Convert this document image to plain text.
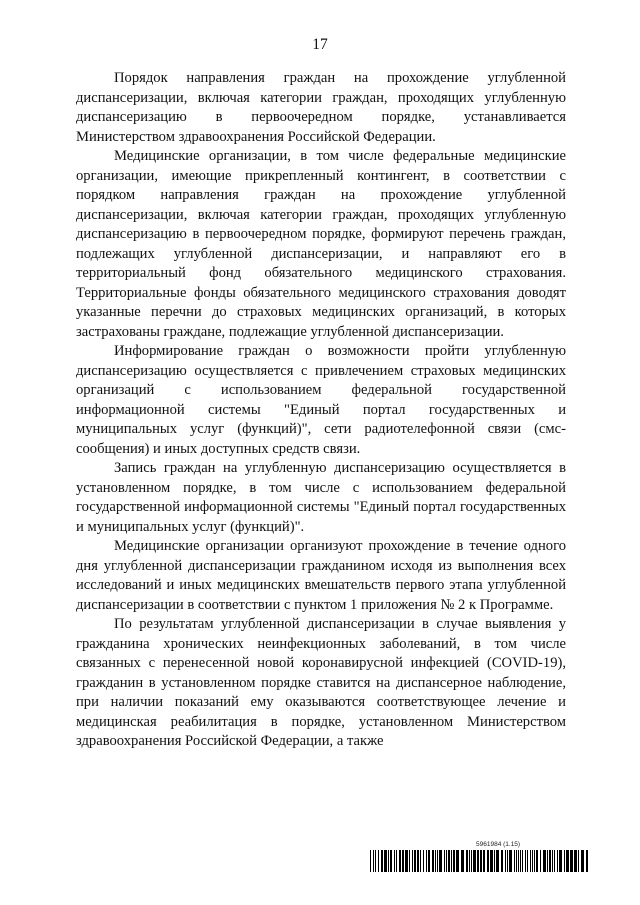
17

Порядок направления граждан на прохождение углубленной диспансеризации, включая категории граждан, проходящих углубленную диспансеризацию в первоочередном порядке, устанавливается Министерством здравоохранения Российской Федерации.

Медицинские организации, в том числе федеральные медицинские организации, имеющие прикрепленный контингент, в соответствии с порядком направления граждан на прохождение углубленной диспансеризации, включая категории граждан, проходящих углубленную диспансеризацию в первоочередном порядке, формируют перечень граждан, подлежащих углубленной диспансеризации, и направляют его в территориальный фонд обязательного медицинского страхования. Территориальные фонды обязательного медицинского страхования доводят указанные перечни до страховых медицинских организаций, в которых застрахованы граждане, подлежащие углубленной диспансеризации.

Информирование граждан о возможности пройти углубленную диспансеризацию осуществляется с привлечением страховых медицинских организаций с использованием федеральной государственной информационной системы "Единый портал государственных и муниципальных услуг (функций)", сети радиотелефонной связи (смс-сообщения) и иных доступных средств связи.

Запись граждан на углубленную диспансеризацию осуществляется в установленном порядке, в том числе с использованием федеральной государственной информационной системы "Единый портал государственных и муниципальных услуг (функций)".

Медицинские организации организуют прохождение в течение одного дня углубленной диспансеризации гражданином исходя из выполнения всех исследований и иных медицинских вмешательств первого этапа углубленной диспансеризации в соответствии с пунктом 1 приложения № 2 к Программе.

По результатам углубленной диспансеризации в случае выявления у гражданина хронических неинфекционных заболеваний, в том числе связанных с перенесенной новой коронавирусной инфекцией (COVID-19), гражданин в установленном порядке ставится на диспансерное наблюдение, при наличии показаний ему оказываются соответствующее лечение и медицинская реабилитация в порядке, установленном Министерством здравоохранения Российской Федерации, а также

5961984 (1.15)
